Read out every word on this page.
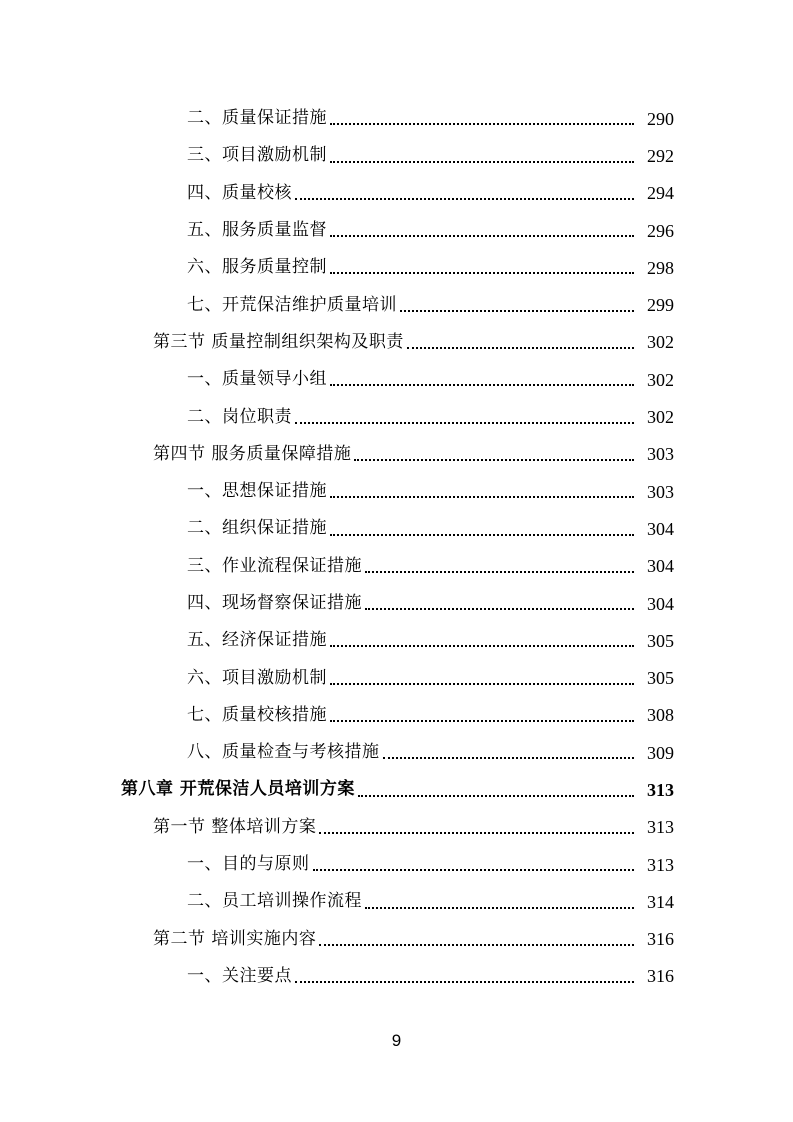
二、质量保证措施	290
三、项目激励机制	292
四、质量校核	294
五、服务质量监督	296
六、服务质量控制	298
七、开荒保洁维护质量培训	299
第三节 质量控制组织架构及职责	302
一、质量领导小组	302
二、岗位职责	302
第四节 服务质量保障措施	303
一、思想保证措施	303
二、组织保证措施	304
三、作业流程保证措施	304
四、现场督察保证措施	304
五、经济保证措施	305
六、项目激励机制	305
七、质量校核措施	308
八、质量检查与考核措施	309
第八章 开荒保洁人员培训方案	313
第一节 整体培训方案	313
一、目的与原则	313
二、员工培训操作流程	314
第二节 培训实施内容	316
一、关注要点	316
9
